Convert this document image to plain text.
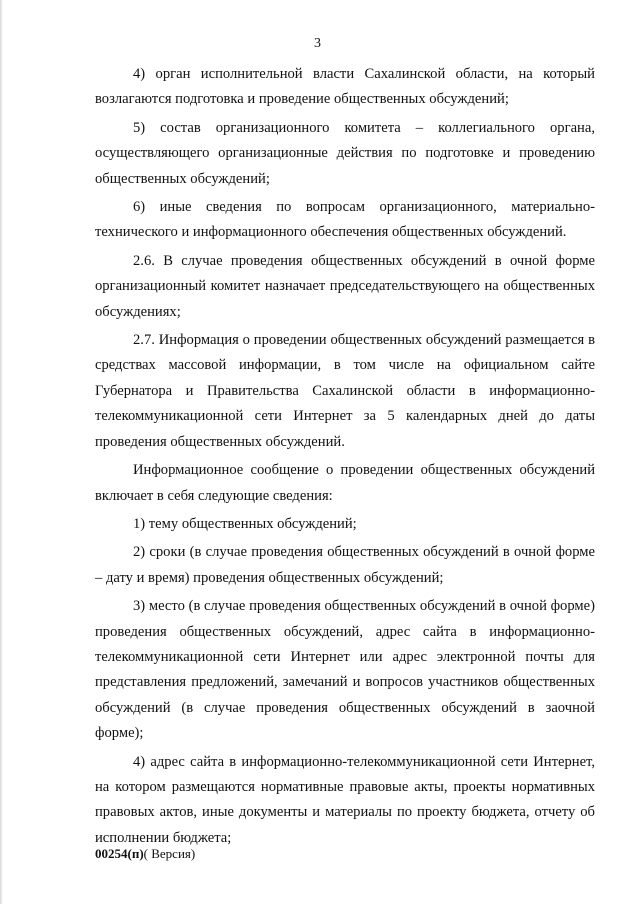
3

4) орган исполнительной власти Сахалинской области, на который возлагаются подготовка и проведение общественных обсуждений;

5) состав организационного комитета – коллегиального органа, осуществляющего организационные действия по подготовке и проведению общественных обсуждений;

6) иные сведения по вопросам организационного, материально-технического и информационного обеспечения общественных обсуждений.

2.6. В случае проведения общественных обсуждений в очной форме организационный комитет назначает председательствующего на общественных обсуждениях;

2.7. Информация о проведении общественных обсуждений размещается в средствах массовой информации, в том числе на официальном сайте Губернатора и Правительства Сахалинской области в информационно-телекоммуникационной сети Интернет за 5 календарных дней до даты проведения общественных обсуждений.

Информационное сообщение о проведении общественных обсуждений включает в себя следующие сведения:

1) тему общественных обсуждений;

2) сроки (в случае проведения общественных обсуждений в очной форме – дату и время) проведения общественных обсуждений;

3) место (в случае проведения общественных обсуждений в очной форме) проведения общественных обсуждений, адрес сайта в информационно-телекоммуникационной сети Интернет или адрес электронной почты для представления предложений, замечаний и вопросов участников общественных обсуждений (в случае проведения общественных обсуждений в заочной форме);

4) адрес сайта в информационно-телекоммуникационной сети Интернет, на котором размещаются нормативные правовые акты, проекты нормативных правовых актов, иные документы и материалы по проекту бюджета, отчету об исполнении бюджета;

00254(п)( Версия)
